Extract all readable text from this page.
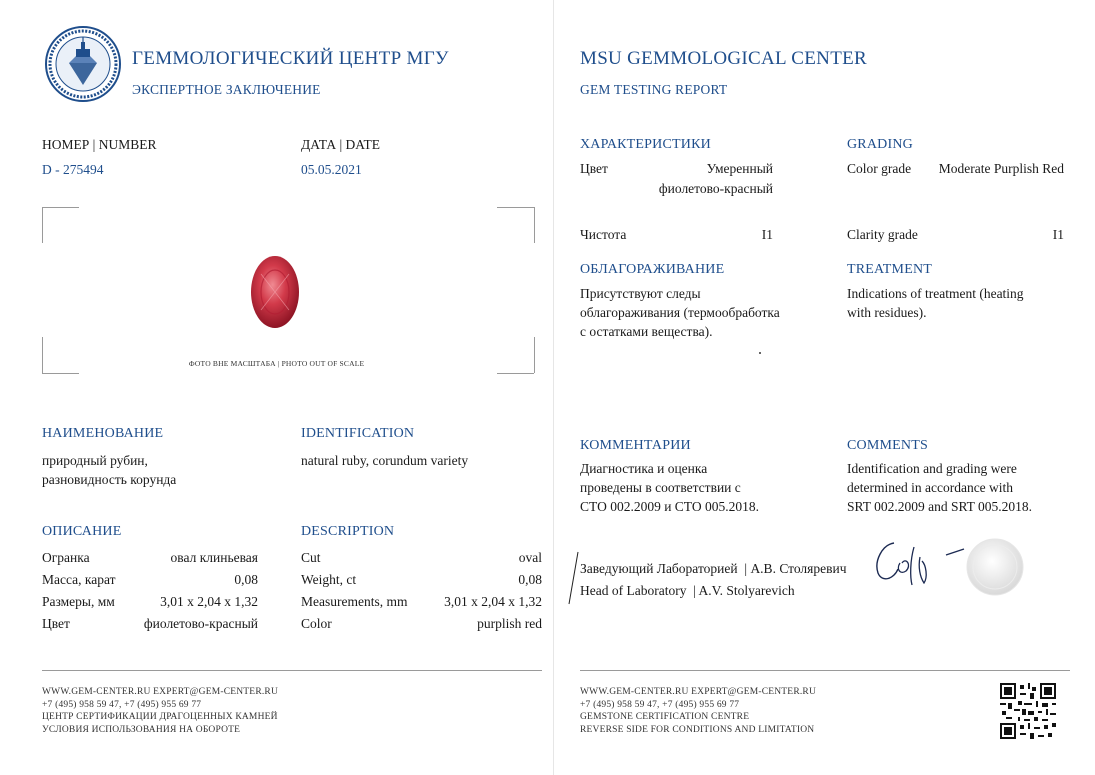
ГЕММОЛОГИЧЕСКИЙ ЦЕНТР МГУ
ЭКСПЕРТНОЕ ЗАКЛЮЧЕНИЕ
НОМЕР | NUMBER
D - 275494
ДАТА | DATE
05.05.2021
ФОТО ВНЕ МАСШТАБА | PHOTO OUT OF SCALE
НАИМЕНОВАНИЕ
природный рубин,
разновидность корунда
IDENTIFICATION
natural ruby, corundum variety
ОПИСАНИЕ
Огранка	овал клиньевая
Масса, карат	0,08
Размеры, мм	3,01 x 2,04 x 1,32
Цвет	фиолетово-красный
DESCRIPTION
Cut	oval
Weight, ct	0,08
Measurements, mm	3,01 x 2,04 x 1,32
Color	purplish red
WWW.GEM-CENTER.RU EXPERT@GEM-CENTER.RU
+7 (495) 958 59 47, +7 (495) 955 69 77
ЦЕНТР СЕРТИФИКАЦИИ ДРАГОЦЕННЫХ КАМНЕЙ
УСЛОВИЯ ИСПОЛЬЗОВАНИЯ НА ОБОРОТЕ
MSU GEMMOLOGICAL CENTER
GEM TESTING REPORT
ХАРАКТЕРИСТИКИ
Цвет	Умеренный
фиолетово-красный
Чистота	I1
GRADING
Color grade	Moderate Purplish Red
Clarity grade	I1
ОБЛАГОРАЖИВАНИЕ
Присутствуют следы
облагораживания (термообработка
с остатками вещества).
TREATMENT
Indications of treatment (heating
with residues).
КОММЕНТАРИИ
Диагностика и оценка
проведены в соответствии с
СТО 002.2009 и СТО 005.2018.
COMMENTS
Identification and grading were
determined in accordance with
SRT 002.2009 and SRT 005.2018.
Заведующий Лабораторией  | А.В. Столяревич
Head of Laboratory  | A.V. Stolyarevich
WWW.GEM-CENTER.RU EXPERT@GEM-CENTER.RU
+7 (495) 958 59 47, +7 (495) 955 69 77
GEMSTONE CERTIFICATION CENTRE
REVERSE SIDE FOR CONDITIONS AND LIMITATION
